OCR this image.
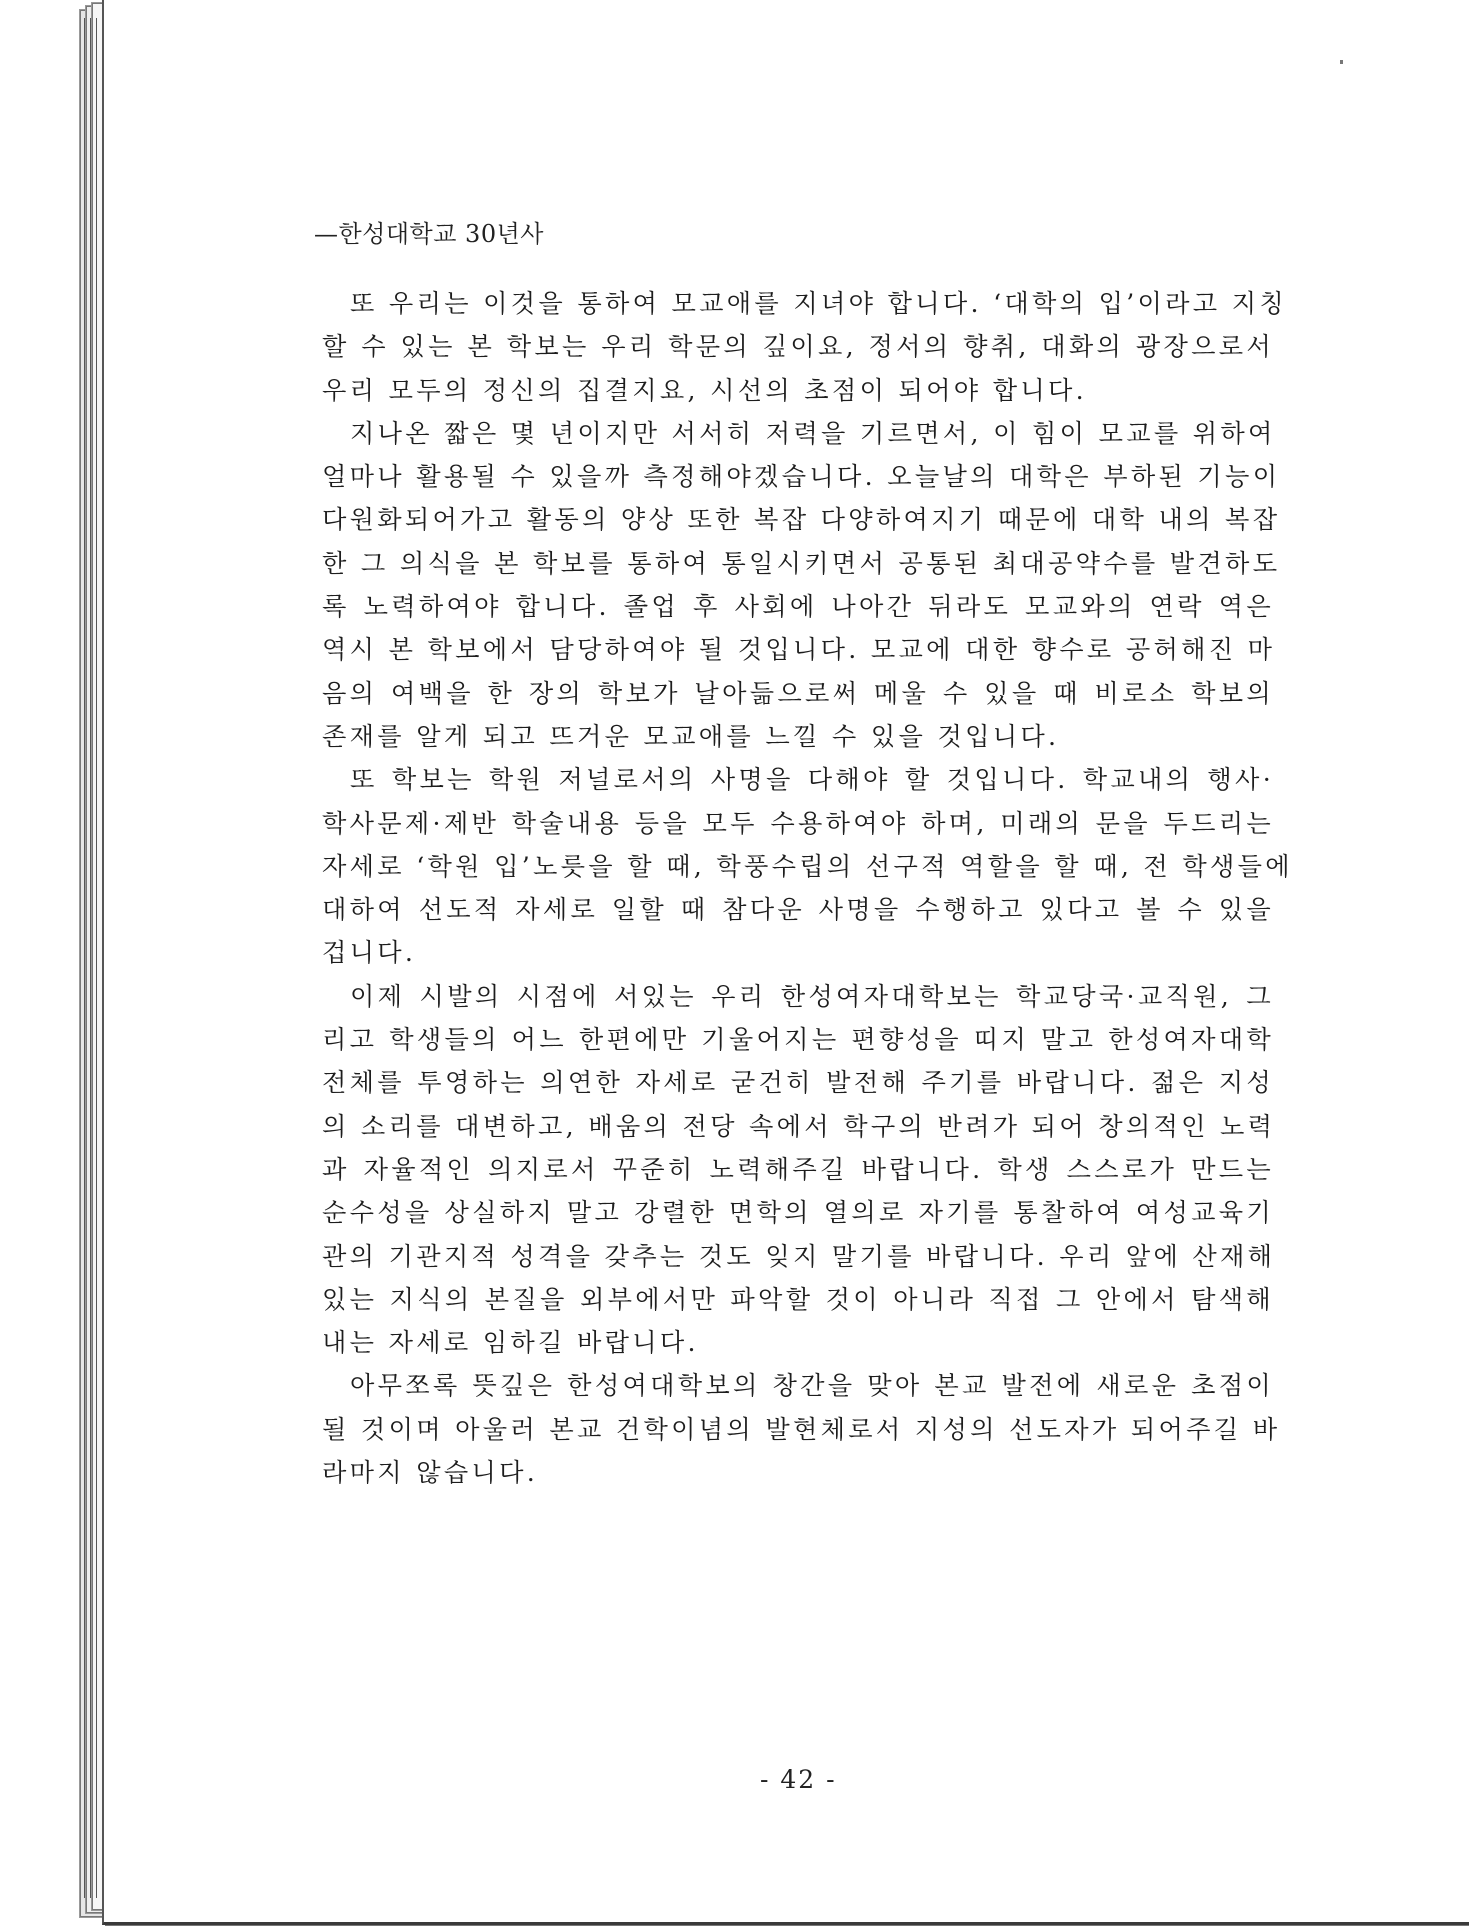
—한성대학교 30년사
또 우리는 이것을 통하여 모교애를 지녀야 합니다. ‘대학의 입’이라고 지칭
할 수 있는 본 학보는 우리 학문의 깊이요, 정서의 향취, 대화의 광장으로서
우리 모두의 정신의 집결지요, 시선의 초점이 되어야 합니다.
지나온 짧은 몇 년이지만 서서히 저력을 기르면서, 이 힘이 모교를 위하여
얼마나 활용될 수 있을까 측정해야겠습니다. 오늘날의 대학은 부하된 기능이
다원화되어가고 활동의 양상 또한 복잡 다양하여지기 때문에 대학 내의 복잡
한 그 의식을 본 학보를 통하여 통일시키면서 공통된 최대공약수를 발견하도
록 노력하여야 합니다. 졸업 후 사회에 나아간 뒤라도 모교와의 연락 역은
역시 본 학보에서 담당하여야 될 것입니다. 모교에 대한 향수로 공허해진 마
음의 여백을 한 장의 학보가 날아듦으로써 메울 수 있을 때 비로소 학보의
존재를 알게 되고 뜨거운 모교애를 느낄 수 있을 것입니다.
또 학보는 학원 저널로서의 사명을 다해야 할 것입니다. 학교내의 행사·
학사문제·제반 학술내용 등을 모두 수용하여야 하며, 미래의 문을 두드리는
자세로 ‘학원 입’노릇을 할 때, 학풍수립의 선구적 역할을 할 때, 전 학생들에
대하여 선도적 자세로 일할 때 참다운 사명을 수행하고 있다고 볼 수 있을
겁니다.
이제 시발의 시점에 서있는 우리 한성여자대학보는 학교당국·교직원, 그
리고 학생들의 어느 한편에만 기울어지는 편향성을 띠지 말고 한성여자대학
전체를 투영하는 의연한 자세로 굳건히 발전해 주기를 바랍니다. 젊은 지성
의 소리를 대변하고, 배움의 전당 속에서 학구의 반려가 되어 창의적인 노력
과 자율적인 의지로서 꾸준히 노력해주길 바랍니다. 학생 스스로가 만드는
순수성을 상실하지 말고 강렬한 면학의 열의로 자기를 통찰하여 여성교육기
관의 기관지적 성격을 갖추는 것도 잊지 말기를 바랍니다. 우리 앞에 산재해
있는 지식의 본질을 외부에서만 파악할 것이 아니라 직접 그 안에서 탐색해
내는 자세로 임하길 바랍니다.
아무쪼록 뜻깊은 한성여대학보의 창간을 맞아 본교 발전에 새로운 초점이
될 것이며 아울러 본교 건학이념의 발현체로서 지성의 선도자가 되어주길 바
라마지 않습니다.
- 42 -
